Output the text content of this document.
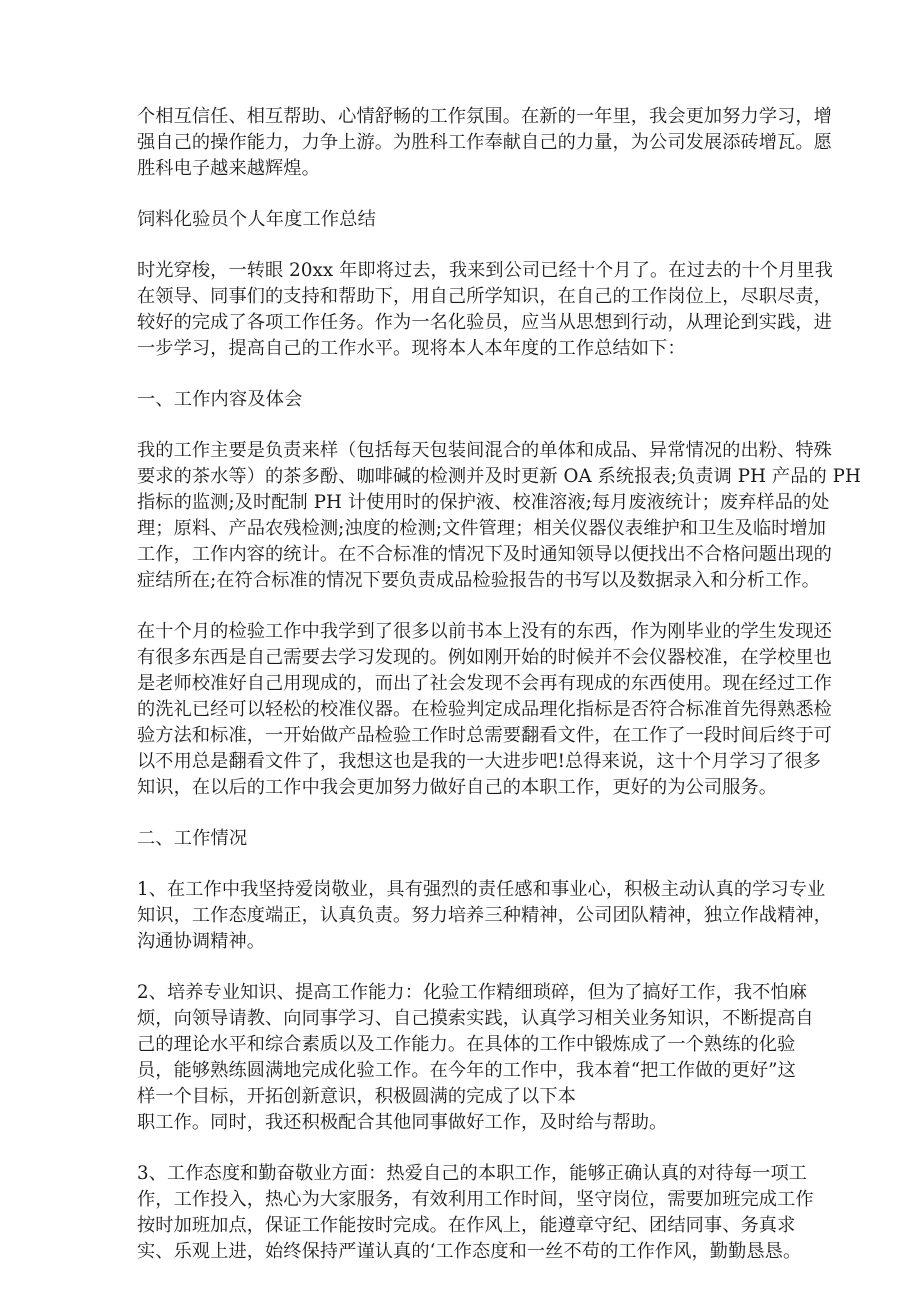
个相互信任、相互帮助、心情舒畅的工作氛围。在新的一年里，我会更加努力学习，增
强自己的操作能力，力争上游。为胜科工作奉献自己的力量，为公司发展添砖增瓦。愿
胜科电子越来越辉煌。
饲料化验员个人年度工作总结
时光穿梭，一转眼 20xx 年即将过去，我来到公司已经十个月了。在过去的十个月里我
在领导、同事们的支持和帮助下，用自己所学知识，在自己的工作岗位上，尽职尽责，
较好的完成了各项工作任务。作为一名化验员，应当从思想到行动，从理论到实践，进
一步学习，提高自己的工作水平。现将本人本年度的工作总结如下：
一、工作内容及体会
我的工作主要是负责来样（包括每天包装间混合的单体和成品、异常情况的出粉、特殊
要求的茶水等）的茶多酚、咖啡碱的检测并及时更新 OA 系统报表;负责调 PH 产品的 PH
指标的监测;及时配制 PH 计使用时的保护液、校准溶液;每月废液统计；废弃样品的处
理；原料、产品农残检测;浊度的检测;文件管理；相关仪器仪表维护和卫生及临时增加
工作，工作内容的统计。在不合标准的情况下及时通知领导以便找出不合格问题出现的
症结所在;在符合标准的情况下要负责成品检验报告的书写以及数据录入和分析工作。
在十个月的检验工作中我学到了很多以前书本上没有的东西，作为刚毕业的学生发现还
有很多东西是自己需要去学习发现的。例如刚开始的时候并不会仪器校准，在学校里也
是老师校准好自己用现成的，而出了社会发现不会再有现成的东西使用。现在经过工作
的洗礼已经可以轻松的校准仪器。在检验判定成品理化指标是否符合标准首先得熟悉检
验方法和标准，一开始做产品检验工作时总需要翻看文件，在工作了一段时间后终于可
以不用总是翻看文件了，我想这也是我的一大进步吧!总得来说，这十个月学习了很多
知识，在以后的工作中我会更加努力做好自己的本职工作，更好的为公司服务。
二、工作情况
1、在工作中我坚持爱岗敬业，具有强烈的责任感和事业心，积极主动认真的学习专业
知识，工作态度端正，认真负责。努力培养三种精神，公司团队精神，独立作战精神，
沟通协调精神。
2、培养专业知识、提高工作能力：化验工作精细琐碎，但为了搞好工作，我不怕麻
烦，向领导请教、向同事学习、自己摸索实践，认真学习相关业务知识，不断提高自
己的理论水平和综合素质以及工作能力。在具体的工作中锻炼成了一个熟练的化验
员，能够熟练圆满地完成化验工作。在今年的工作中，我本着“把工作做的更好”这
样一个目标，开拓创新意识，积极圆满的完成了以下本
职工作。同时，我还积极配合其他同事做好工作，及时给与帮助。
3、工作态度和勤奋敬业方面：热爱自己的本职工作，能够正确认真的对待每一项工
作，工作投入，热心为大家服务，有效利用工作时间，坚守岗位，需要加班完成工作
按时加班加点，保证工作能按时完成。在作风上，能遵章守纪、团结同事、务真求
实、乐观上进，始终保持严谨认真的‘工作态度和一丝不苟的工作作风，勤勤恳恳。
